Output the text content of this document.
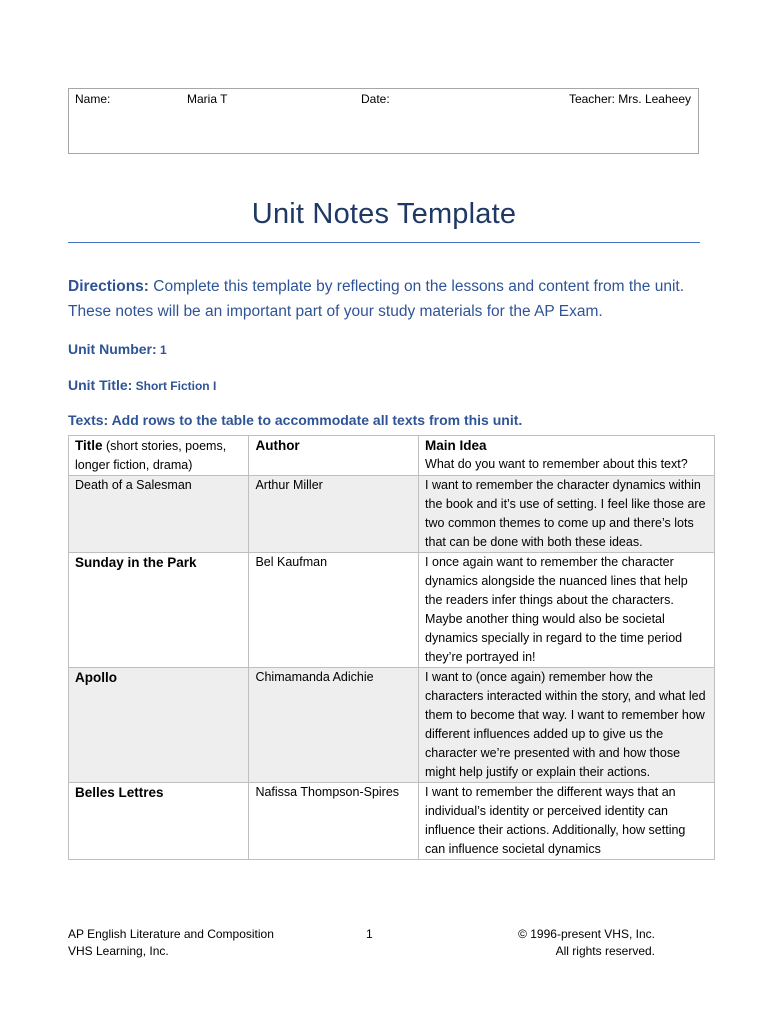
Name:	Maria T	Date:	Teacher: Mrs. Leaheey
Unit Notes Template
Directions: Complete this template by reflecting on the lessons and content from the unit. These notes will be an important part of your study materials for the AP Exam.
Unit Number: 1
Unit Title: Short Fiction I
Texts: Add rows to the table to accommodate all texts from this unit.
Title (short stories, poems, longer fiction, drama)	Author	Main Idea
What do you want to remember about this text?

Death of a Salesman	Arthur Miller	I want to remember the character dynamics within the book and it’s use of setting. I feel like those are two common themes to come up and there’s lots that can be done with both these ideas.
Sunday in the Park	Bel Kaufman	I once again want to remember the character dynamics alongside the nuanced lines that help the readers infer things about the characters. Maybe another thing would also be societal dynamics specially in regard to the time period they’re portrayed in!
Apollo	Chimamanda Adichie	I want to (once again) remember how the characters interacted within the story, and what led them to become that way. I want to remember how different influences added up to give us the character we’re presented with and how those might help justify or explain their actions.
Belles Lettres	Nafissa Thompson-Spires	I want to remember the different ways that an individual’s identity or perceived identity can influence their actions. Additionally, how setting can influence societal dynamics
AP English Literature and Composition
VHS Learning, Inc.
1	© 1996-present VHS, Inc.
All rights reserved.
